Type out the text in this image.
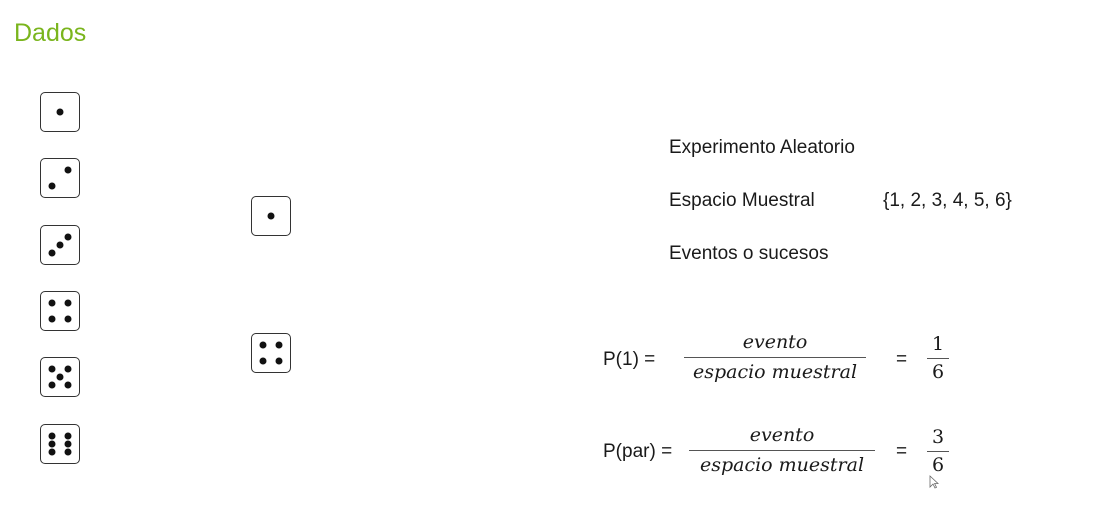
Dados
Experimento Aleatorio
Espacio Muestral	{1, 2, 3, 4, 5, 6}
Eventos o sucesos
P(1) =
evento
espacio muestral
=
1
6
P(par) =
evento
espacio muestral
=
3
6
